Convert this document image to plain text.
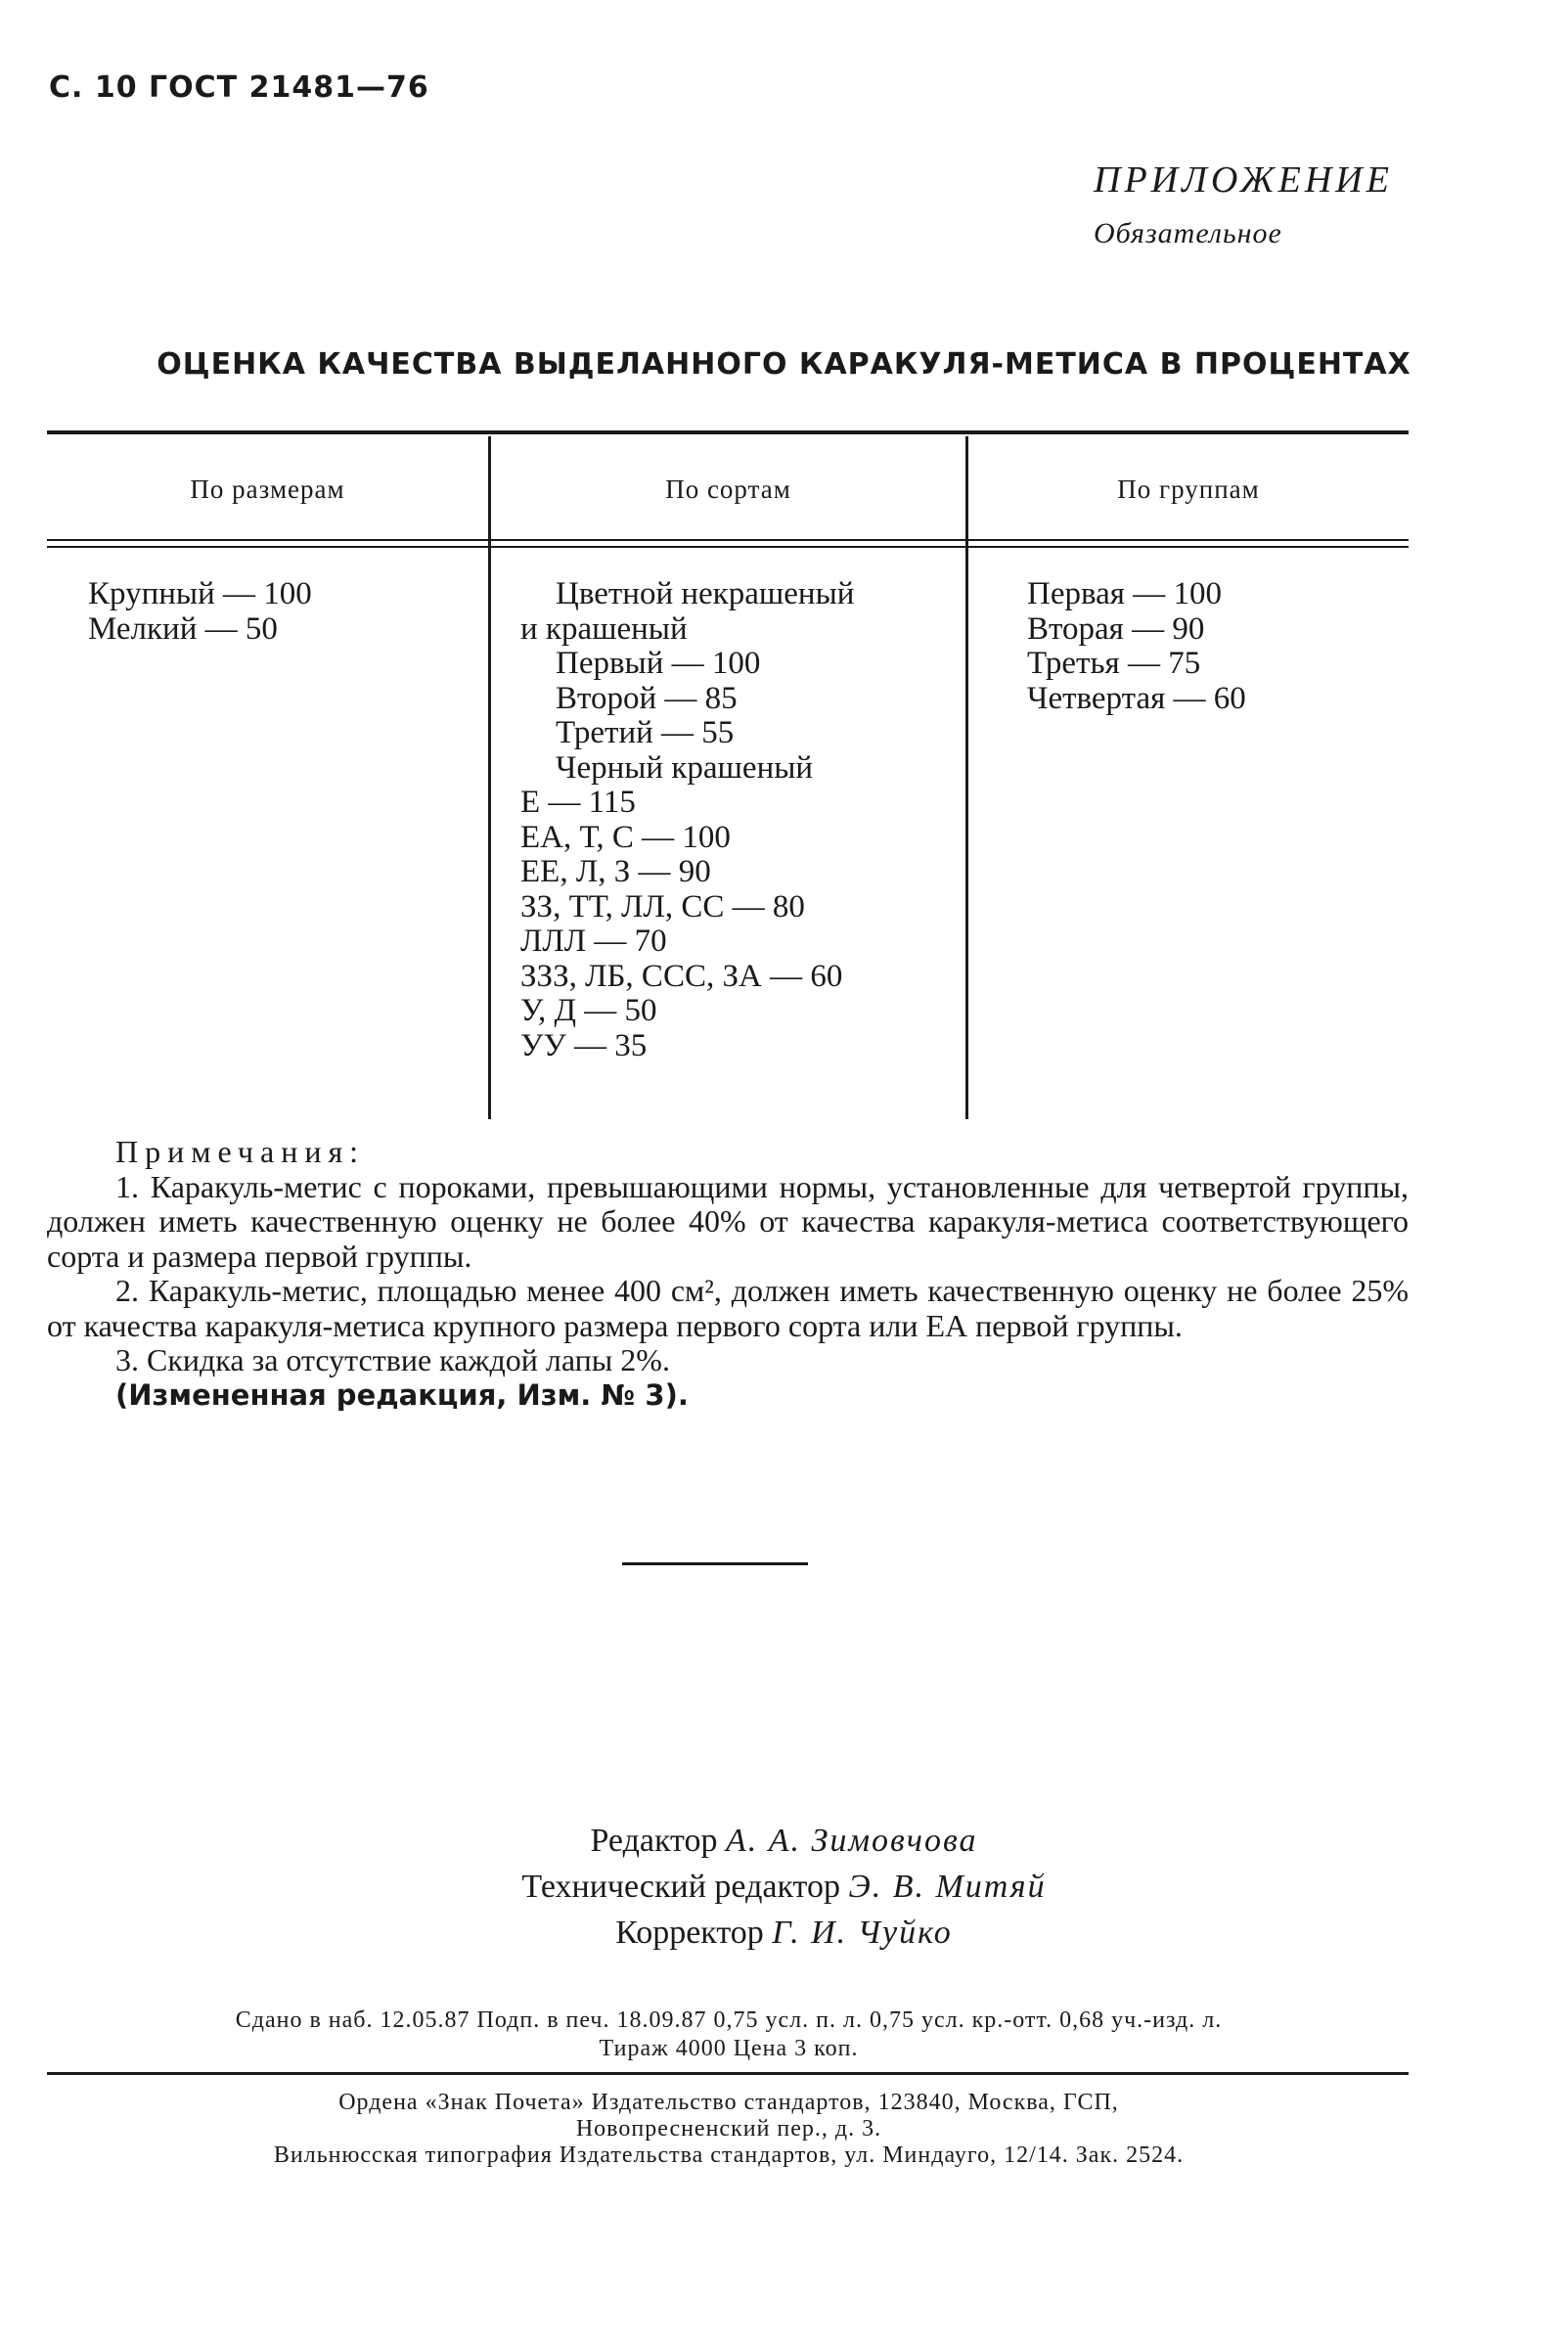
С. 10 ГОСТ 21481—76
ПРИЛОЖЕНИЕ
Обязательное
ОЦЕНКА КАЧЕСТВА ВЫДЕЛАННОГО КАРАКУЛЯ-МЕТИСА В ПРОЦЕНТАХ
По размерам	По сортам	По группам
Крупный — 100
Мелкий — 50
Цветной некрашеный
и крашеный
Первый — 100
Второй — 85
Третий — 55
Черный крашеный
Е — 115
ЕА, Т, С — 100
ЕЕ, Л, З — 90
ЗЗ, ТТ, ЛЛ, СС — 80
ЛЛЛ — 70
ЗЗЗ, ЛБ, ССС, ЗА — 60
У, Д — 50
УУ — 35
Первая — 100
Вторая — 90
Третья — 75
Четвертая — 60
Примечания:

1. Каракуль-метис с пороками, превышающими нормы, установленные для четвертой группы, должен иметь качественную оценку не более 40% от качества каракуля-метиса соответствующего сорта и размера первой группы.

2. Каракуль-метис, площадью менее 400 см², должен иметь качественную оценку не более 25% от качества каракуля-метиса крупного размера первого сорта или ЕА первой группы.

3. Скидка за отсутствие каждой лапы 2%.

(Измененная редакция, Изм. № 3).
Редактор А. А. Зимовчова
Технический редактор Э. В. Митяй
Корректор Г. И. Чуйко
Сдано в наб. 12.05.87 Подп. в печ. 18.09.87 0,75 усл. п. л. 0,75 усл. кр.-отт. 0,68 уч.-изд. л.
Тираж 4000 Цена 3 коп.
Ордена «Знак Почета» Издательство стандартов, 123840, Москва, ГСП,
Новопресненский пер., д. 3.
Вильнюсская типография Издательства стандартов, ул. Миндауго, 12/14. Зак. 2524.
